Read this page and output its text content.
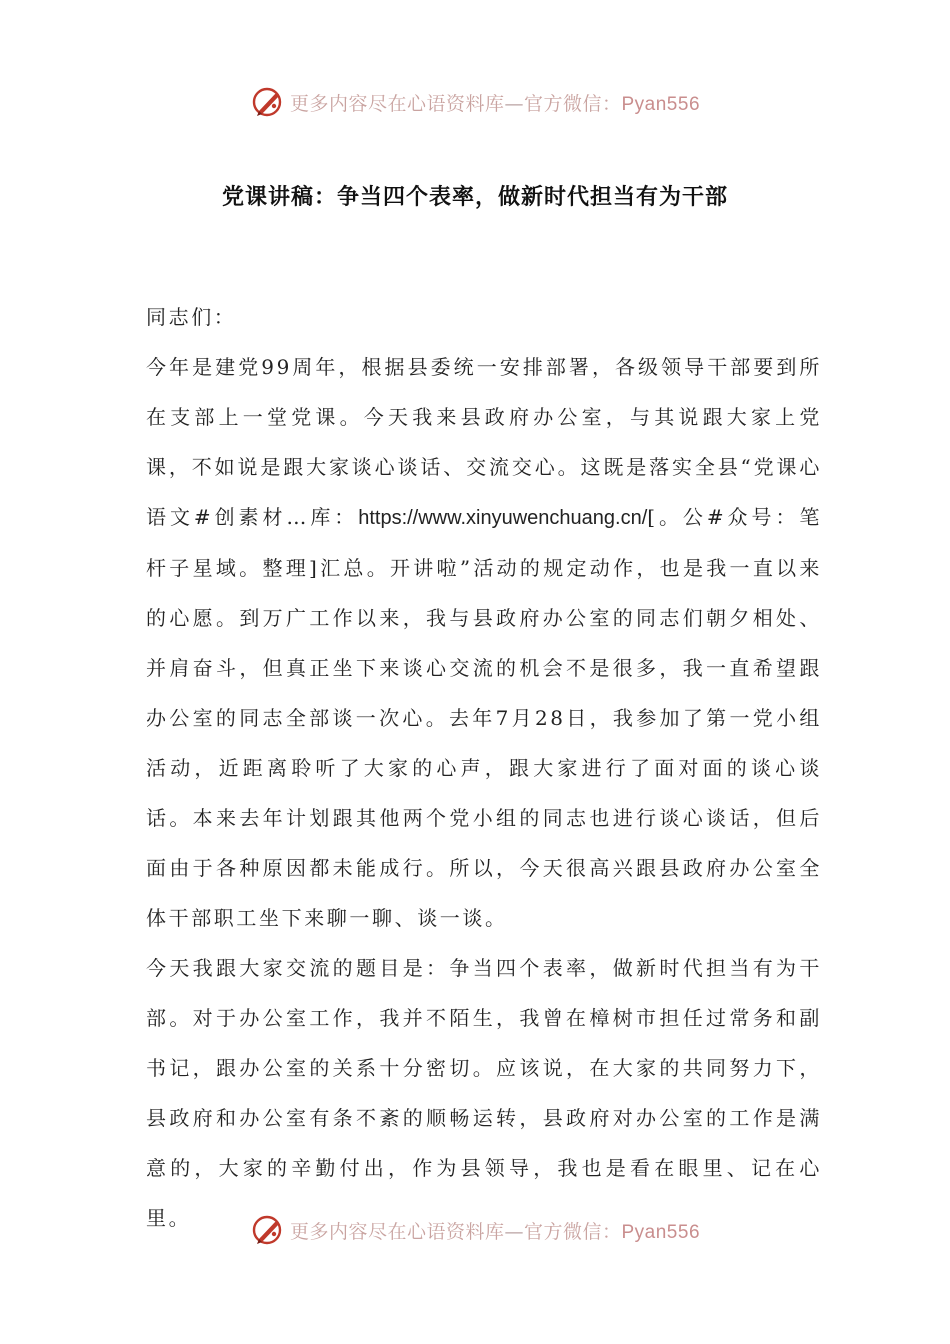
更多内容尽在心语资料库—官方微信：Pyan556
党课讲稿：争当四个表率，做新时代担当有为干部

同志们：

今年是建党99周年，根据县委统一安排部署，各级领导干部要到所在支部上一堂党课。今天我来县政府办公室，与其说跟大家上党课，不如说是跟大家谈心谈话、交流交心。这既是落实全县“党课心语文#创素材…库：https://www.xinyuwenchuang.cn/[。公#众号：笔杆子星域。整理]汇总。开讲啦”活动的规定动作，也是我一直以来的心愿。到万广工作以来，我与县政府办公室的同志们朝夕相处、并肩奋斗，但真正坐下来谈心交流的机会不是很多，我一直希望跟办公室的同志全部谈一次心。去年7月28日，我参加了第一党小组活动，近距离聆听了大家的心声，跟大家进行了面对面的谈心谈话。本来去年计划跟其他两个党小组的同志也进行谈心谈话，但后面由于各种原因都未能成行。所以，今天很高兴跟县政府办公室全体干部职工坐下来聊一聊、谈一谈。

今天我跟大家交流的题目是：争当四个表率，做新时代担当有为干部。对于办公室工作，我并不陌生，我曾在樟树市担任过常务和副书记，跟办公室的关系十分密切。应该说，在大家的共同努力下，县政府和办公室有条不紊的顺畅运转，县政府对办公室的工作是满意的，大家的辛勤付出，作为县领导，我也是看在眼里、记在心里。

更多内容尽在心语资料库—官方微信：Pyan556
